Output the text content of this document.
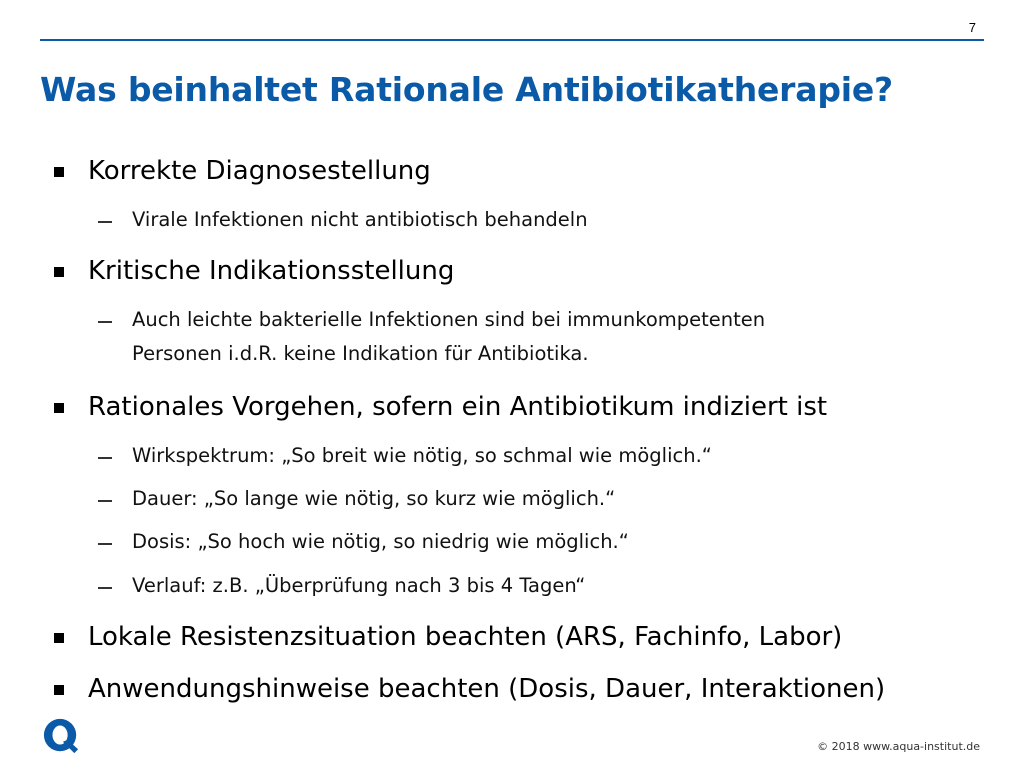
7
Was beinhaltet Rationale Antibiotikatherapie?
Korrekte Diagnosestellung
Virale Infektionen nicht antibiotisch behandeln
Kritische Indikationsstellung
Auch leichte bakterielle Infektionen sind bei immunkompetenten
Personen i.d.R. keine Indikation für Antibiotika.
Rationales Vorgehen, sofern ein Antibiotikum indiziert ist
Wirkspektrum: „So breit wie nötig, so schmal wie möglich.“
Dauer: „So lange wie nötig, so kurz wie möglich.“
Dosis: „So hoch wie nötig, so niedrig wie möglich.“
Verlauf: z.B. „Überprüfung nach 3 bis 4 Tagen“
Lokale Resistenzsituation beachten (ARS, Fachinfo, Labor)
Anwendungshinweise beachten (Dosis, Dauer, Interaktionen)
© 2018 www.aqua-institut.de
